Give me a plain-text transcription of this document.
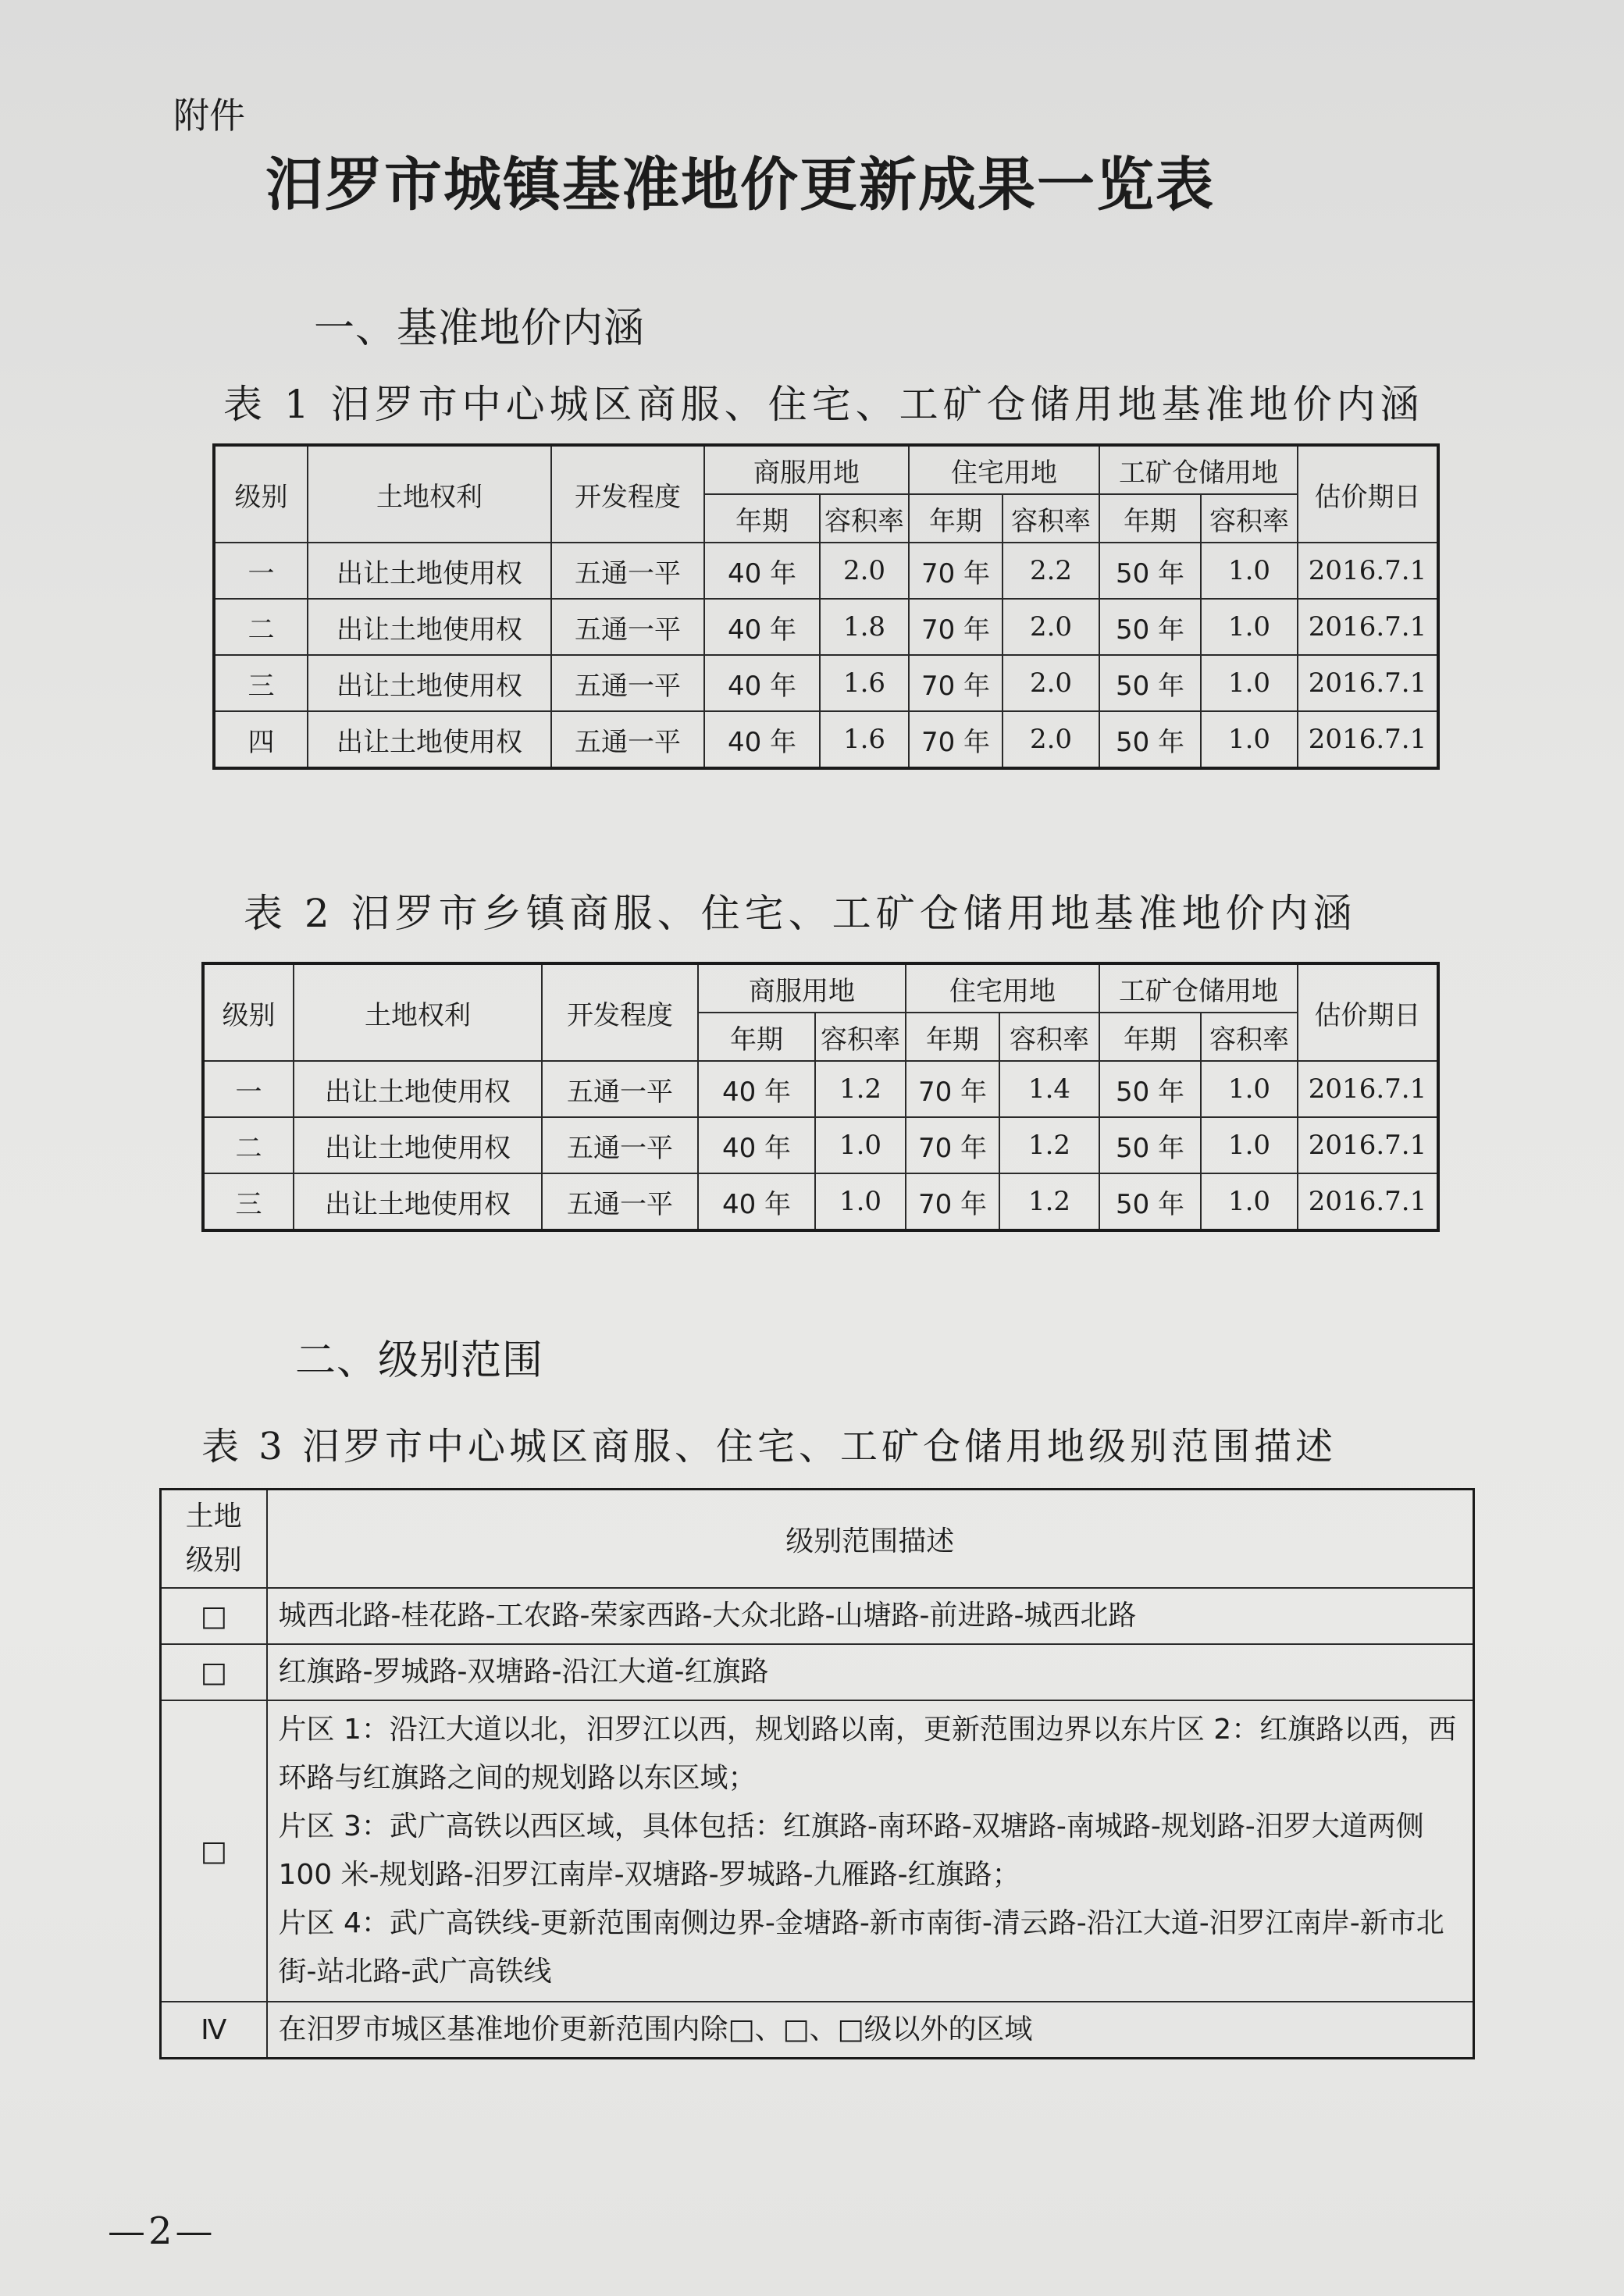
附件
汨罗市城镇基准地价更新成果一览表
一、基准地价内涵
表 1 汨罗市中心城区商服、住宅、工矿仓储用地基准地价内涵
级别	土地权利	开发程度	商服用地		住宅用地		工矿仓储用地		估价期日
			年期	容积率	年期	容积率	年期	容积率	
一	出让土地使用权	五通一平	40 年	2.0	70 年	2.2	50 年	1.0	2016.7.1
二	出让土地使用权	五通一平	40 年	1.8	70 年	2.0	50 年	1.0	2016.7.1
三	出让土地使用权	五通一平	40 年	1.6	70 年	2.0	50 年	1.0	2016.7.1
四	出让土地使用权	五通一平	40 年	1.6	70 年	2.0	50 年	1.0	2016.7.1
表 2 汨罗市乡镇商服、住宅、工矿仓储用地基准地价内涵
级别	土地权利	开发程度	商服用地		住宅用地		工矿仓储用地		估价期日
			年期	容积率	年期	容积率	年期	容积率	
一	出让土地使用权	五通一平	40 年	1.2	70 年	1.4	50 年	1.0	2016.7.1
二	出让土地使用权	五通一平	40 年	1.0	70 年	1.2	50 年	1.0	2016.7.1
三	出让土地使用权	五通一平	40 年	1.0	70 年	1.2	50 年	1.0	2016.7.1
二、级别范围
表 3 汨罗市中心城区商服、住宅、工矿仓储用地级别范围描述
土地
级别	级别范围描述
□	城西北路-桂花路-工农路-荣家西路-大众北路-山塘路-前进路-城西北路
□	红旗路-罗城路-双塘路-沿江大道-红旗路
□	片区 1：沿江大道以北，汨罗江以西，规划路以南，更新范围边界以东片区 2：红旗路以西，西环路与红旗路之间的规划路以东区域；
片区 3：武广高铁以西区域，具体包括：红旗路-南环路-双塘路-南城路-规划路-汨罗大道两侧 100 米-规划路-汨罗江南岸-双塘路-罗城路-九雁路-红旗路；
片区 4：武广高铁线-更新范围南侧边界-金塘路-新市南街-清云路-沿江大道-汨罗江南岸-新市北街-站北路-武广高铁线
Ⅳ	在汨罗市城区基准地价更新范围内除□、□、□级以外的区域
—2—
